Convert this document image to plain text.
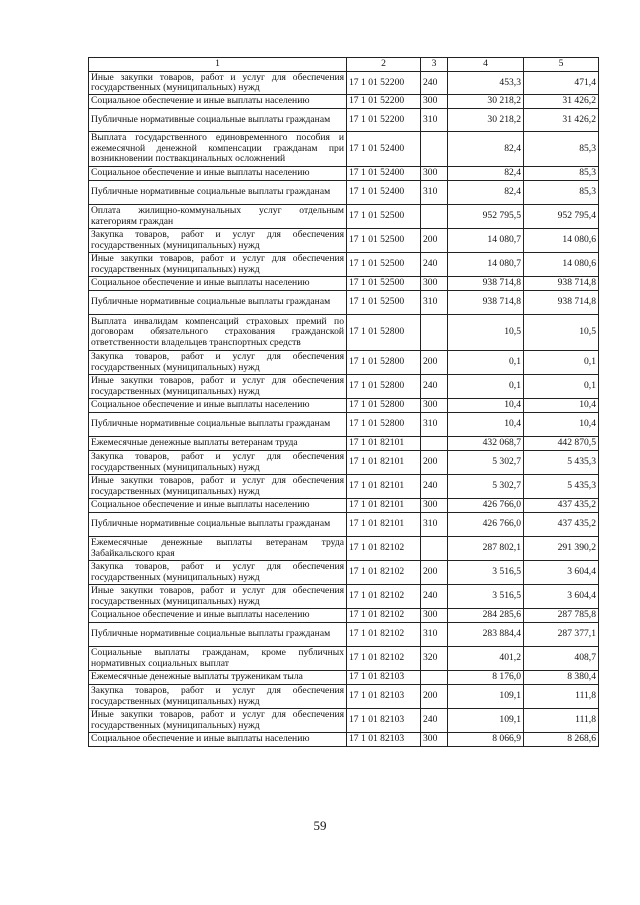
1	2	3	4	5
Иные закупки товаров, работ и услуг для обеспечения государственных (муниципальных) нужд	17 1 01 52200	240	453,3	471,4
Социальное обеспечение и иные выплаты населению	17 1 01 52200	300	30 218,2	31 426,2
Публичные нормативные социальные выплаты гражданам	17 1 01 52200	310	30 218,2	31 426,2
Выплата государственного единовременного пособия и ежемесячной денежной компенсации гражданам при возникновении поствакцинальных осложнений	17 1 01 52400		82,4	85,3
Социальное обеспечение и иные выплаты населению	17 1 01 52400	300	82,4	85,3
Публичные нормативные социальные выплаты гражданам	17 1 01 52400	310	82,4	85,3
Оплата жилищно-коммунальных услуг отдельным категориям граждан	17 1 01 52500		952 795,5	952 795,4
Закупка товаров, работ и услуг для обеспечения государственных (муниципальных) нужд	17 1 01 52500	200	14 080,7	14 080,6
Иные закупки товаров, работ и услуг для обеспечения государственных (муниципальных) нужд	17 1 01 52500	240	14 080,7	14 080,6
Социальное обеспечение и иные выплаты населению	17 1 01 52500	300	938 714,8	938 714,8
Публичные нормативные социальные выплаты гражданам	17 1 01 52500	310	938 714,8	938 714,8
Выплата инвалидам компенсаций страховых премий по договорам обязательного страхования гражданской ответственности владельцев транспортных средств	17 1 01 52800		10,5	10,5
Закупка товаров, работ и услуг для обеспечения государственных (муниципальных) нужд	17 1 01 52800	200	0,1	0,1
Иные закупки товаров, работ и услуг для обеспечения государственных (муниципальных) нужд	17 1 01 52800	240	0,1	0,1
Социальное обеспечение и иные выплаты населению	17 1 01 52800	300	10,4	10,4
Публичные нормативные социальные выплаты гражданам	17 1 01 52800	310	10,4	10,4
Ежемесячные денежные выплаты ветеранам труда	17 1 01 82101		432 068,7	442 870,5
Закупка товаров, работ и услуг для обеспечения государственных (муниципальных) нужд	17 1 01 82101	200	5 302,7	5 435,3
Иные закупки товаров, работ и услуг для обеспечения государственных (муниципальных) нужд	17 1 01 82101	240	5 302,7	5 435,3
Социальное обеспечение и иные выплаты населению	17 1 01 82101	300	426 766,0	437 435,2
Публичные нормативные социальные выплаты гражданам	17 1 01 82101	310	426 766,0	437 435,2
Ежемесячные денежные выплаты ветеранам труда Забайкальского края	17 1 01 82102		287 802,1	291 390,2
Закупка товаров, работ и услуг для обеспечения государственных (муниципальных) нужд	17 1 01 82102	200	3 516,5	3 604,4
Иные закупки товаров, работ и услуг для обеспечения государственных (муниципальных) нужд	17 1 01 82102	240	3 516,5	3 604,4
Социальное обеспечение и иные выплаты населению	17 1 01 82102	300	284 285,6	287 785,8
Публичные нормативные социальные выплаты гражданам	17 1 01 82102	310	283 884,4	287 377,1
Социальные выплаты гражданам, кроме публичных нормативных социальных выплат	17 1 01 82102	320	401,2	408,7
Ежемесячные денежные выплаты труженикам тыла	17 1 01 82103		8 176,0	8 380,4
Закупка товаров, работ и услуг для обеспечения государственных (муниципальных) нужд	17 1 01 82103	200	109,1	111,8
Иные закупки товаров, работ и услуг для обеспечения государственных (муниципальных) нужд	17 1 01 82103	240	109,1	111,8
Социальное обеспечение и иные выплаты населению	17 1 01 82103	300	8 066,9	8 268,6
59
